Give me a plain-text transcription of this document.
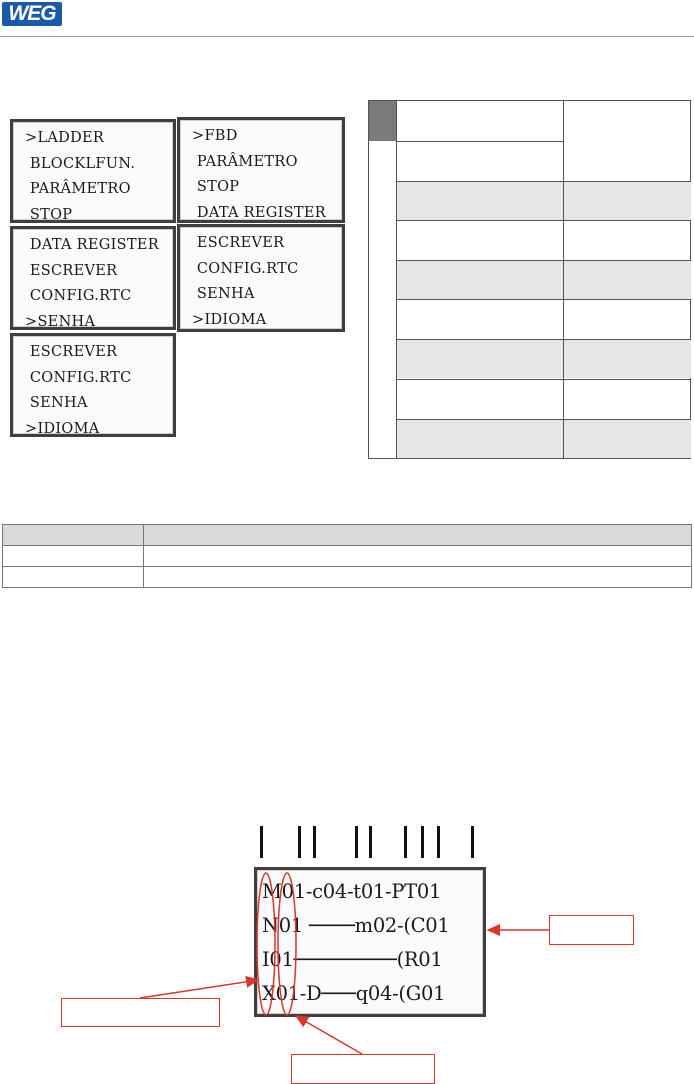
WEG
>LADDER
BLOCKLFUN.
PARÂMETRO
STOP
>FBD
PARÂMETRO
STOP
DATA REGISTER
DATA REGISTER
ESCREVER
CONFIG.RTC
>SENHA
ESCREVER
CONFIG.RTC
SENHA
>IDIOMA
ESCREVER
CONFIG.RTC
SENHA
>IDIOMA

M01-c04-t01-PT01
N01 ────m02-(C01
I01─────────(R01
X01-D───q04-(G01
